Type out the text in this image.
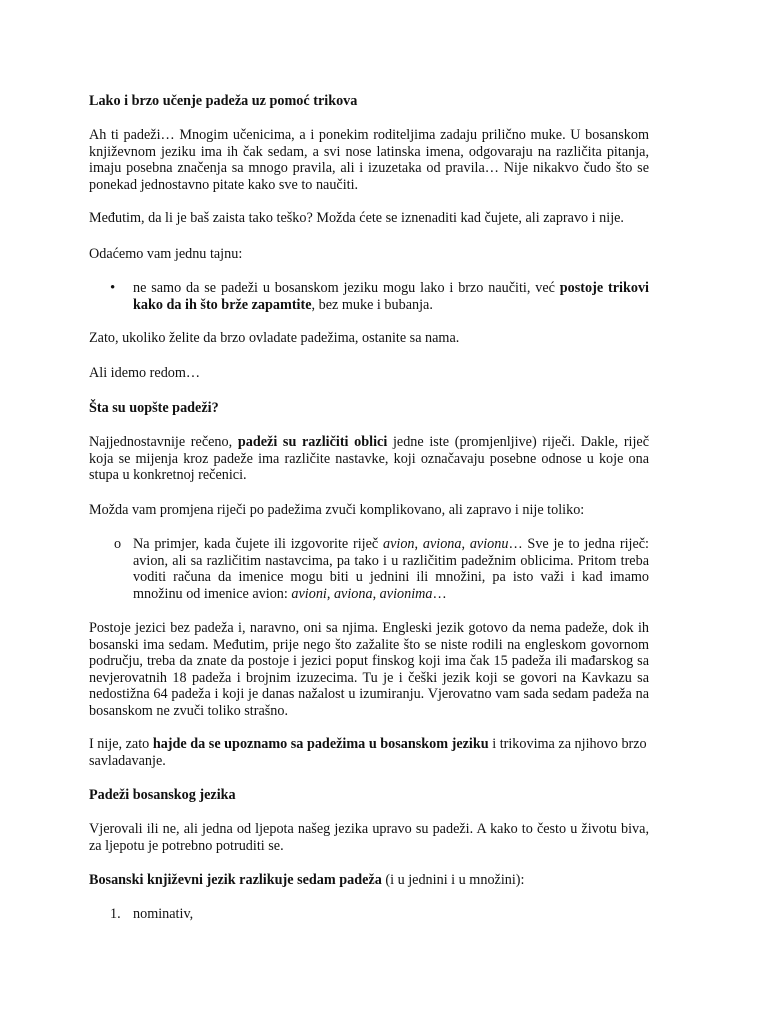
Lako i brzo učenje padeža uz pomoć trikova

Ah ti padeži… Mnogim učenicima, a i ponekim roditeljima zadaju prilično muke. U bosanskom književnom jeziku ima ih čak sedam, a svi nose latinska imena, odgovaraju na različita pitanja, imaju posebna značenja sa mnogo pravila, ali i izuzetaka od pravila… Nije nikakvo čudo što se ponekad jednostavno pitate kako sve to naučiti.

Međutim, da li je baš zaista tako teško? Možda ćete se iznenaditi kad čujete, ali zapravo i nije.

Odaćemo vam jednu tajnu:

• ne samo da se padeži u bosanskom jeziku mogu lako i brzo naučiti, već postoje trikovi kako da ih što brže zapamtite, bez muke i bubanja.

Zato, ukoliko želite da brzo ovladate padežima, ostanite sa nama.

Ali idemo redom…

Šta su uopšte padeži?

Najjednostavnije rečeno, padeži su različiti oblici jedne iste (promjenljive) riječi. Dakle, riječ koja se mijenja kroz padeže ima različite nastavke, koji označavaju posebne odnose u koje ona stupa u konkretnoj rečenici.

Možda vam promjena riječi po padežima zvuči komplikovano, ali zapravo i nije toliko:

o Na primjer, kada čujete ili izgovorite riječ avion, aviona, avionu… Sve je to jedna riječ: avion, ali sa različitim nastavcima, pa tako i u različitim padežnim oblicima. Pritom treba voditi računa da imenice mogu biti u jednini ili množini, pa isto važi i kad imamo množinu od imenice avion: avioni, aviona, avionima…

Postoje jezici bez padeža i, naravno, oni sa njima. Engleski jezik gotovo da nema padeže, dok ih bosanski ima sedam. Međutim, prije nego što zažalite što se niste rodili na engleskom govornom području, treba da znate da postoje i jezici poput finskog koji ima čak 15 padeža ili mađarskog sa nevjerovatnih 18 padeža i brojnim izuzecima. Tu je i češki jezik koji se govori na Kavkazu sa nedostižna 64 padeža i koji je danas nažalost u izumiranju. Vjerovatno vam sada sedam padeža na bosanskom ne zvuči toliko strašno.

I nije, zato hajde da se upoznamo sa padežima u bosanskom jeziku i trikovima za njihovo brzo savladavanje.

Padeži bosanskog jezika

Vjerovali ili ne, ali jedna od ljepota našeg jezika upravo su padeži. A kako to često u životu biva, za ljepotu je potrebno potruditi se.

Bosanski književni jezik razlikuje sedam padeža (i u jednini i u množini):

1. nominativ,
